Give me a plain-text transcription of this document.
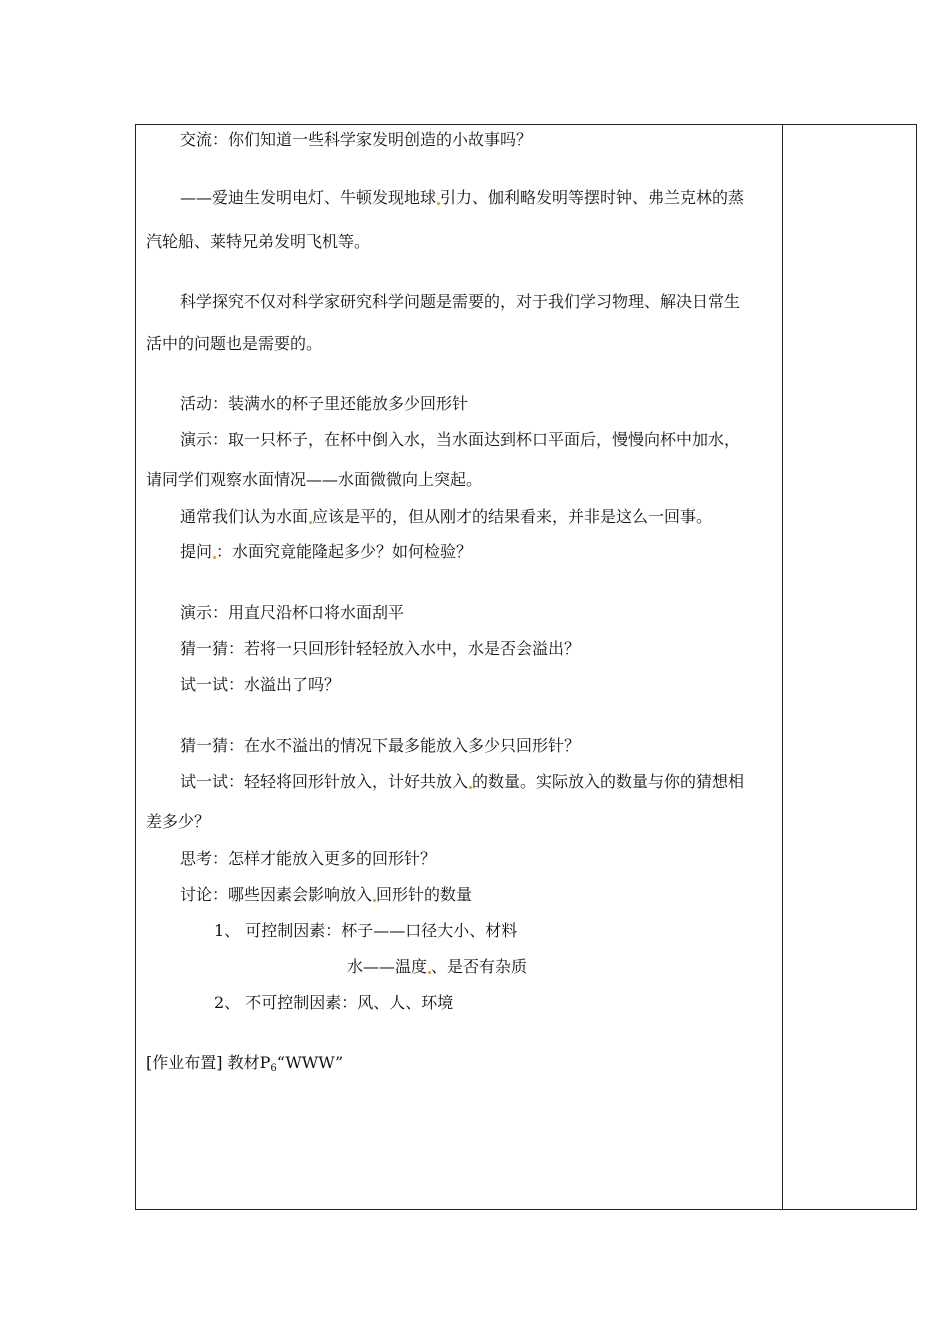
交流：你们知道一些科学家发明创造的小故事吗？
——爱迪生发明电灯、牛顿发现地球 引力、伽利略发明等摆时钟、弗兰克林的蒸
汽轮船、莱特兄弟发明飞机等。
科学探究不仅对科学家研究科学问题是需要的，对于我们学习物理、解决日常生
活中的问题也是需要的。
活动：装满水的杯子里还能放多少回形针
演示：取一只杯子，在杯中倒入水，当水面达到杯口平面后，慢慢向杯中加水，
请同学们观察水面情况——水面微微向上突起。
通常我们认为水面 应该是平的，但从刚才的结果看来，并非是这么一回事。
提问 ：水面究竟能隆起多少？如何检验？
演示：用直尺沿杯口将水面刮平
猜一猜：若将一只回形针轻轻放入水中，水是否会溢出？
试一试：水溢出了吗？
猜一猜：在水不溢出的情况下最多能放入多少只回形针？
试一试：轻轻将回形针放入，计好共放入 的数量。实际放入的数量与你的猜想相
差多少？
思考：怎样才能放入更多的回形针？
讨论：哪些因素会影响放入 回形针的数量
1、 可控制因素：杯子——口径大小、材料
水——温度 、是否有杂质
2、 不可控制因素：风、人、环境
[作业布置] 教材$P_6“WWW$”
